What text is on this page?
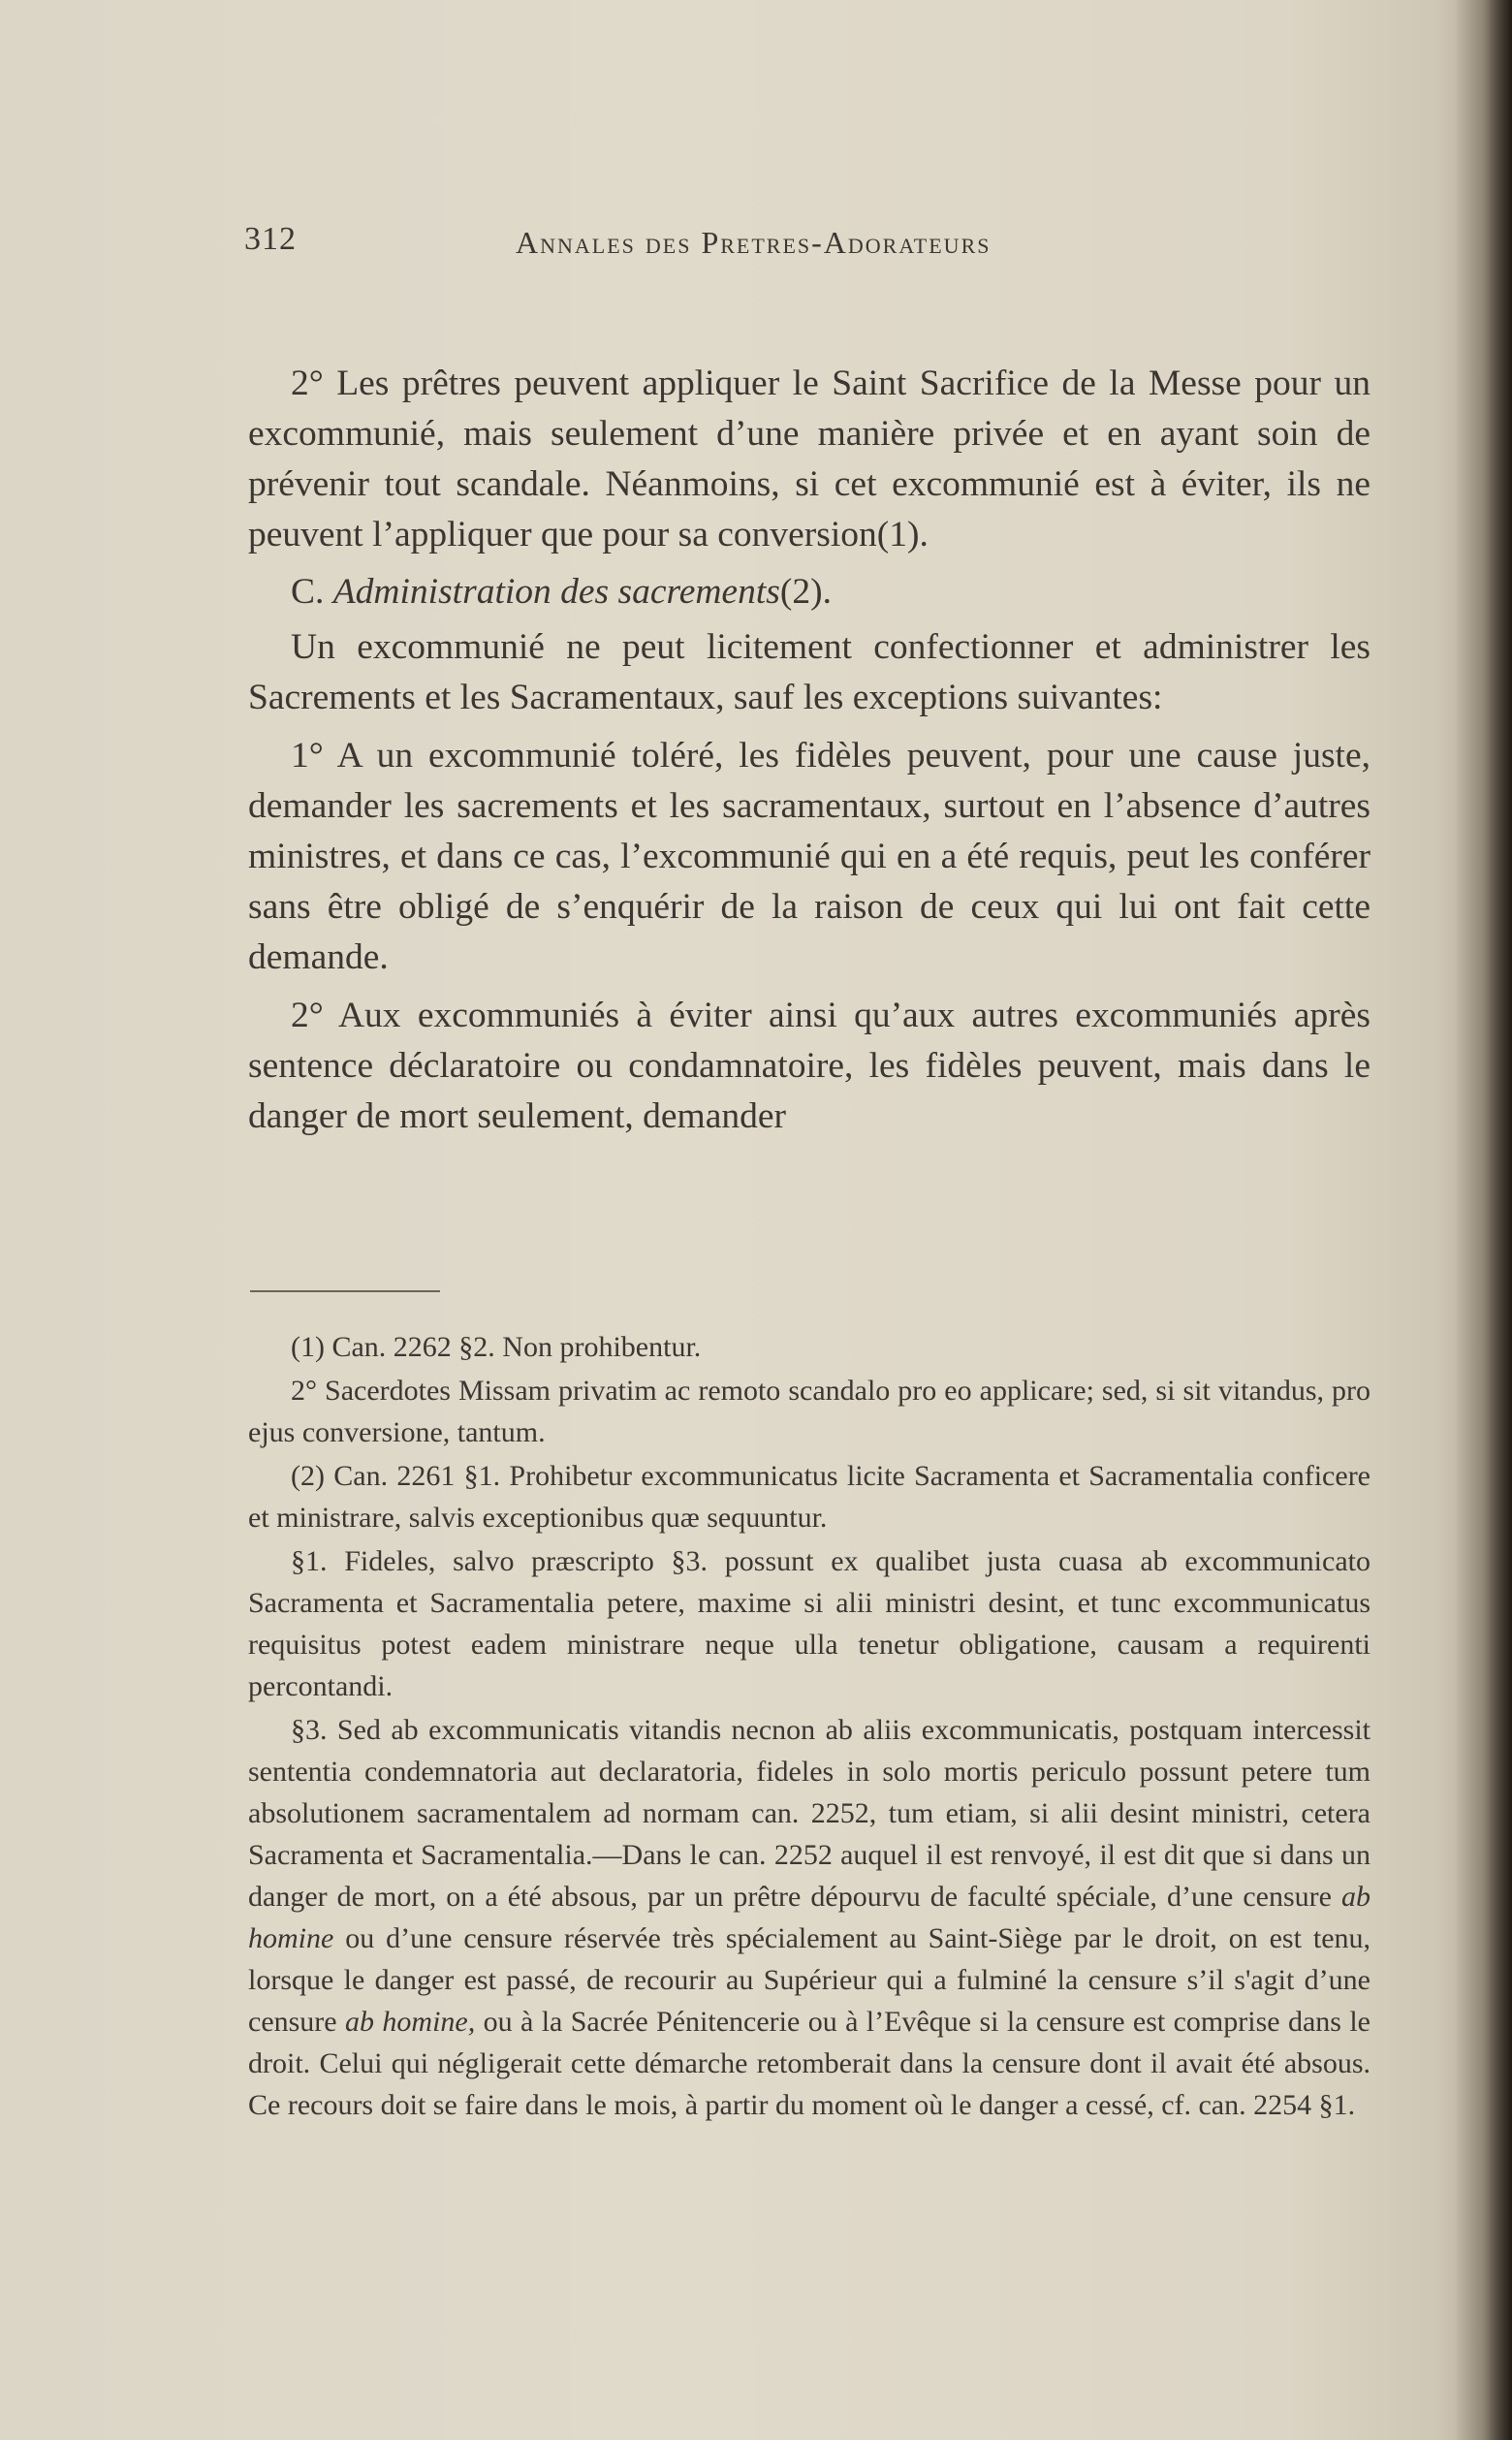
312	Annales des Pretres-Adorateurs

2° Les prêtres peuvent appliquer le Saint Sacrifice de la Messe pour un excommunié, mais seulement d’une manière privée et en ayant soin de prévenir tout scandale. Néanmoins, si cet excommunié est à éviter, ils ne peuvent l’appliquer que pour sa conversion(1).

C. Administration des sacrements(2).

Un excommunié ne peut licitement confectionner et administrer les Sacrements et les Sacramentaux, sauf les exceptions suivantes:

1° A un excommunié toléré, les fidèles peuvent, pour une cause juste, demander les sacrements et les sacramentaux, surtout en l’absence d’autres ministres, et dans ce cas, l’excommunié qui en a été requis, peut les conférer sans être obligé de s’enquérir de la raison de ceux qui lui ont fait cette demande.

2° Aux excommuniés à éviter ainsi qu’aux autres excommuniés après sentence déclaratoire ou condamnatoire, les fidèles peuvent, mais dans le danger de mort seulement, demander

(1) Can. 2262 §2. Non prohibentur.

2° Sacerdotes Missam privatim ac remoto scandalo pro eo applicare; sed, si sit vitandus, pro ejus conversione, tantum.

(2) Can. 2261 §1. Prohibetur excommunicatus licite Sacramenta et Sacramentalia conficere et ministrare, salvis exceptionibus quæ sequuntur.

§1. Fideles, salvo præscripto §3. possunt ex qualibet justa cuasa ab excommunicato Sacramenta et Sacramentalia petere, maxime si alii ministri desint, et tunc excommunicatus requisitus potest eadem ministrare neque ulla tenetur obligatione, causam a requirenti percontandi.

§3. Sed ab excommunicatis vitandis necnon ab aliis excommunicatis, postquam intercessit sententia condemnatoria aut declaratoria, fideles in solo mortis periculo possunt petere tum absolutionem sacramentalem ad normam can. 2252, tum etiam, si alii desint ministri, cetera Sacramenta et Sacramentalia.—Dans le can. 2252 auquel il est renvoyé, il est dit que si dans un danger de mort, on a été absous, par un prêtre dépourvu de faculté spéciale, d’une censure ab homine ou d’une censure réservée très spécialement au Saint-Siège par le droit, on est tenu, lorsque le danger est passé, de recourir au Supérieur qui a fulminé la censure s’il s'agit d’une censure ab homine, ou à la Sacrée Pénitencerie ou à l’Evêque si la censure est comprise dans le droit. Celui qui négligerait cette démarche retomberait dans la censure dont il avait été absous. Ce recours doit se faire dans le mois, à partir du moment où le danger a cessé, cf. can. 2254 §1.
